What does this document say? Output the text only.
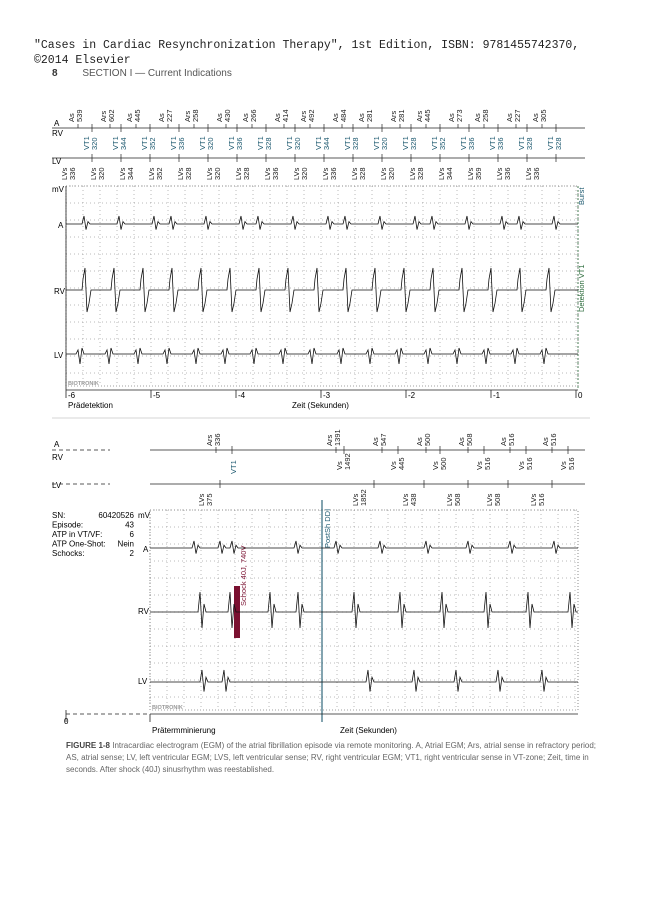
"Cases in Cardiac Resynchronization Therapy", 1st Edition, ISBN: 9781455742370,
©2014 Elsevier
8 SECTION I — Current Indications
A
RV
As 539 Ars 602 As 445 As 227 Ars 258 As 430 As 266 As 414 Ars 492 As 484 As 281 Ars 281 Ars 445 As 273 As 258 As 227 As 305
VT1 320 VT1 344 VT1 352 VT1 336 VT1 320 VT1 336 VT1 328 VT1 320 VT1 344 VT1 328 VT1 320 VT1 328 VT1 352 VT1 336 VT1 336 VT1 328 VT1 328
LV
LVs 336 LVs 320 LVs 344 LVs 352 LVs 328 LVs 320 LVs 328 LVs 336 LVs 320 LVs 336 LVs 328 LVs 320 LVs 328 LVs 344 LVs 359 LVs 336 LVs 336
mV
A
RV
LV
Burst
Detektion VT1
BIOTRONIK
-6	-5	-4	-3	-2	-1	0
Prädetektion	Zeit (Sekunden)
A
RV
Ars 336	Ars 1391	As 547	As 500	As 508	As 516	As 516
VT1	Vs 1492	Vs 445	Vs 500	Vs 516	Vs 516	Vs 516
LV
LVs 375	LVs 1852	LVs 438	LVs 508	LVs 508	LVs 516
SN:	60420526
Episode:	43
ATP in VT/VF:	6
ATP One-Shot: Nein
Schocks:	2
mV
A
RV
LV
PostSh DDI
Schock 40J, 740V
BIOTRONIK
0
Prätermminierung	Zeit (Sekunden)
FIGURE 1-8 Intracardiac electrogram (EGM) of the atrial fibrillation episode via remote monitoring. A, Atrial EGM; Ars, atrial sense in refractory period; AS, atrial sense; LV, left ventricular EGM; LVS, left ventricular sense; RV, right ventricular EGM; VT1, right ventricular sense in VT-zone; Zeit, time in seconds. After shock (40J) sinusrhythm was reestablished.
